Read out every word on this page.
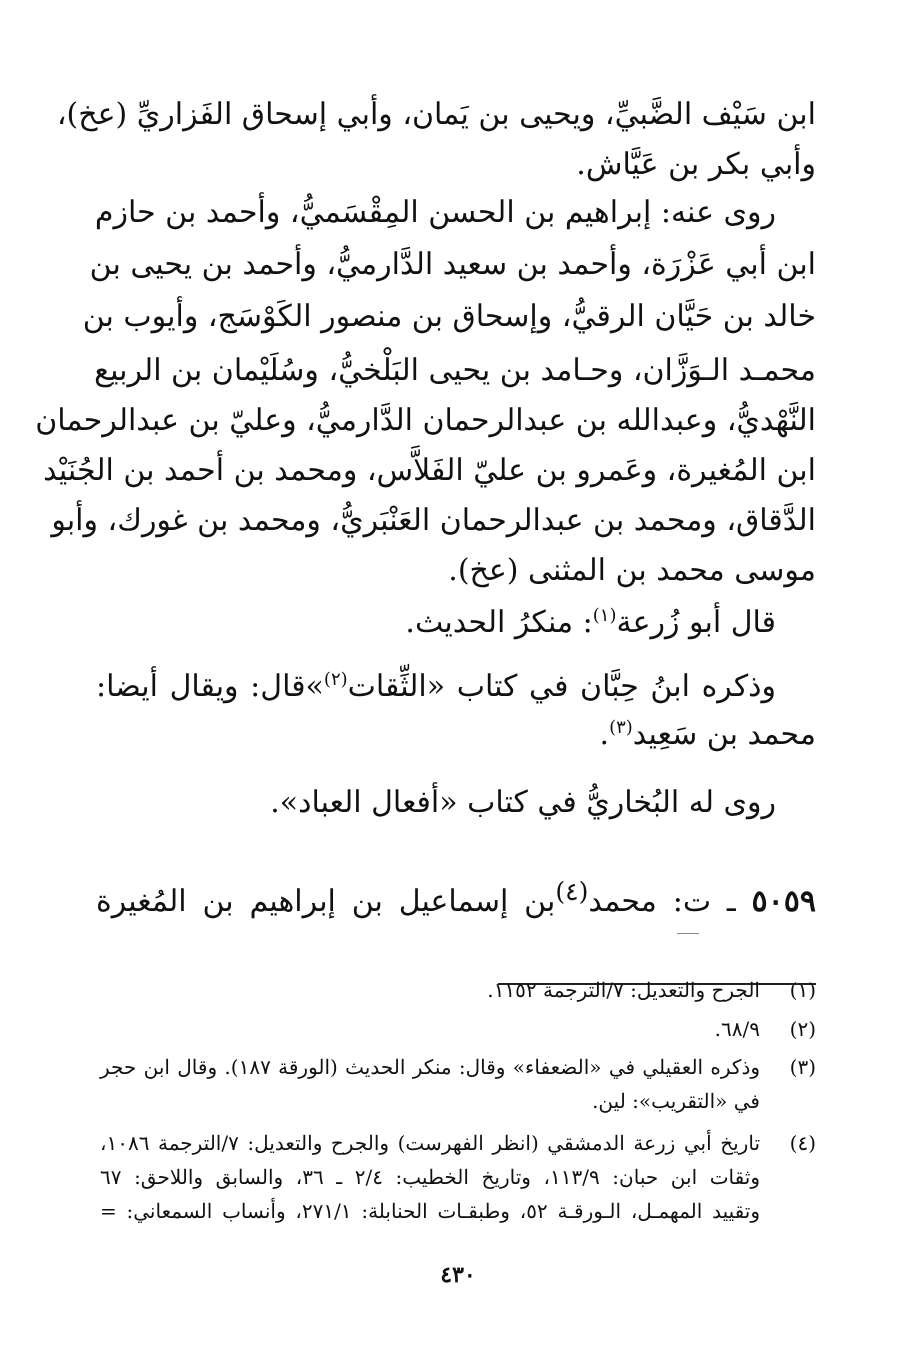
ابن سَيْف الضَّبيِّ، ويحيى بن يَمان، وأبي إسحاق الفَزاريِّ (عخ)،
وأبي بكر بن عَيَّاش.
روى عنه: إبراهيم بن الحسن المِقْسَميُّ، وأحمد بن حازم
ابن أبي عَزْرَة، وأحمد بن سعيد الدَّارميُّ، وأحمد بن يحيى بن
خالد بن حَيَّان الرقيُّ، وإسحاق بن منصور الكَوْسَج، وأيوب بن
محمـد الـوَزَّان، وحـامد بن يحيى البَلْخيُّ، وسُلَيْمان بن الربيع
النَّهْديُّ، وعبدالله بن عبدالرحمان الدَّارميُّ، وعليّ بن عبدالرحمان
ابن المُغيرة، وعَمرو بن عليّ الفَلاَّس، ومحمد بن أحمد بن الجُنَيْد
الدَّقاق، ومحمد بن عبدالرحمان العَنْبَريُّ، ومحمد بن غورك، وأبو
موسى محمد بن المثنى (عخ).
قال أبو زُرعة$^{(١)}$: منكرُ الحديث.
وذكره ابنُ حِبَّان في كتاب «الثِّقات$^{(٢)}$»قال: ويقال أيضا:
محمد بن سَعِيد$^{(٣)}$.
روى له البُخاريُّ في كتاب «أفعال العباد».
٥٠٥٩ ـ ت: محمد$^{(٤)}$بن إسماعيل بن إبراهيم بن المُغيرة
(١)
الجرح والتعديل: ٧/الترجمة ١١٥٢.
(٢)
٦٨/٩.
(٣)
وذكره العقيلي في «الضعفاء» وقال: منكر الحديث (الورقة ١٨٧). وقال ابن حجر
في «التقريب»: لين.
(٤)
تاريخ أبي زرعة الدمشقي (انظر الفهرست) والجرح والتعديل: ٧/الترجمة ١٠٨٦،
وثقات ابن حبان: ١١٣/٩، وتاريخ الخطيب: ٢/٤ ـ ٣٦، والسابق واللاحق: ٦٧
وتقييد المهمـل، الـورقـة ٥٢، وطبقـات الحنابلة: ٢٧١/١، وأنساب السمعاني: =
٤٣٠
